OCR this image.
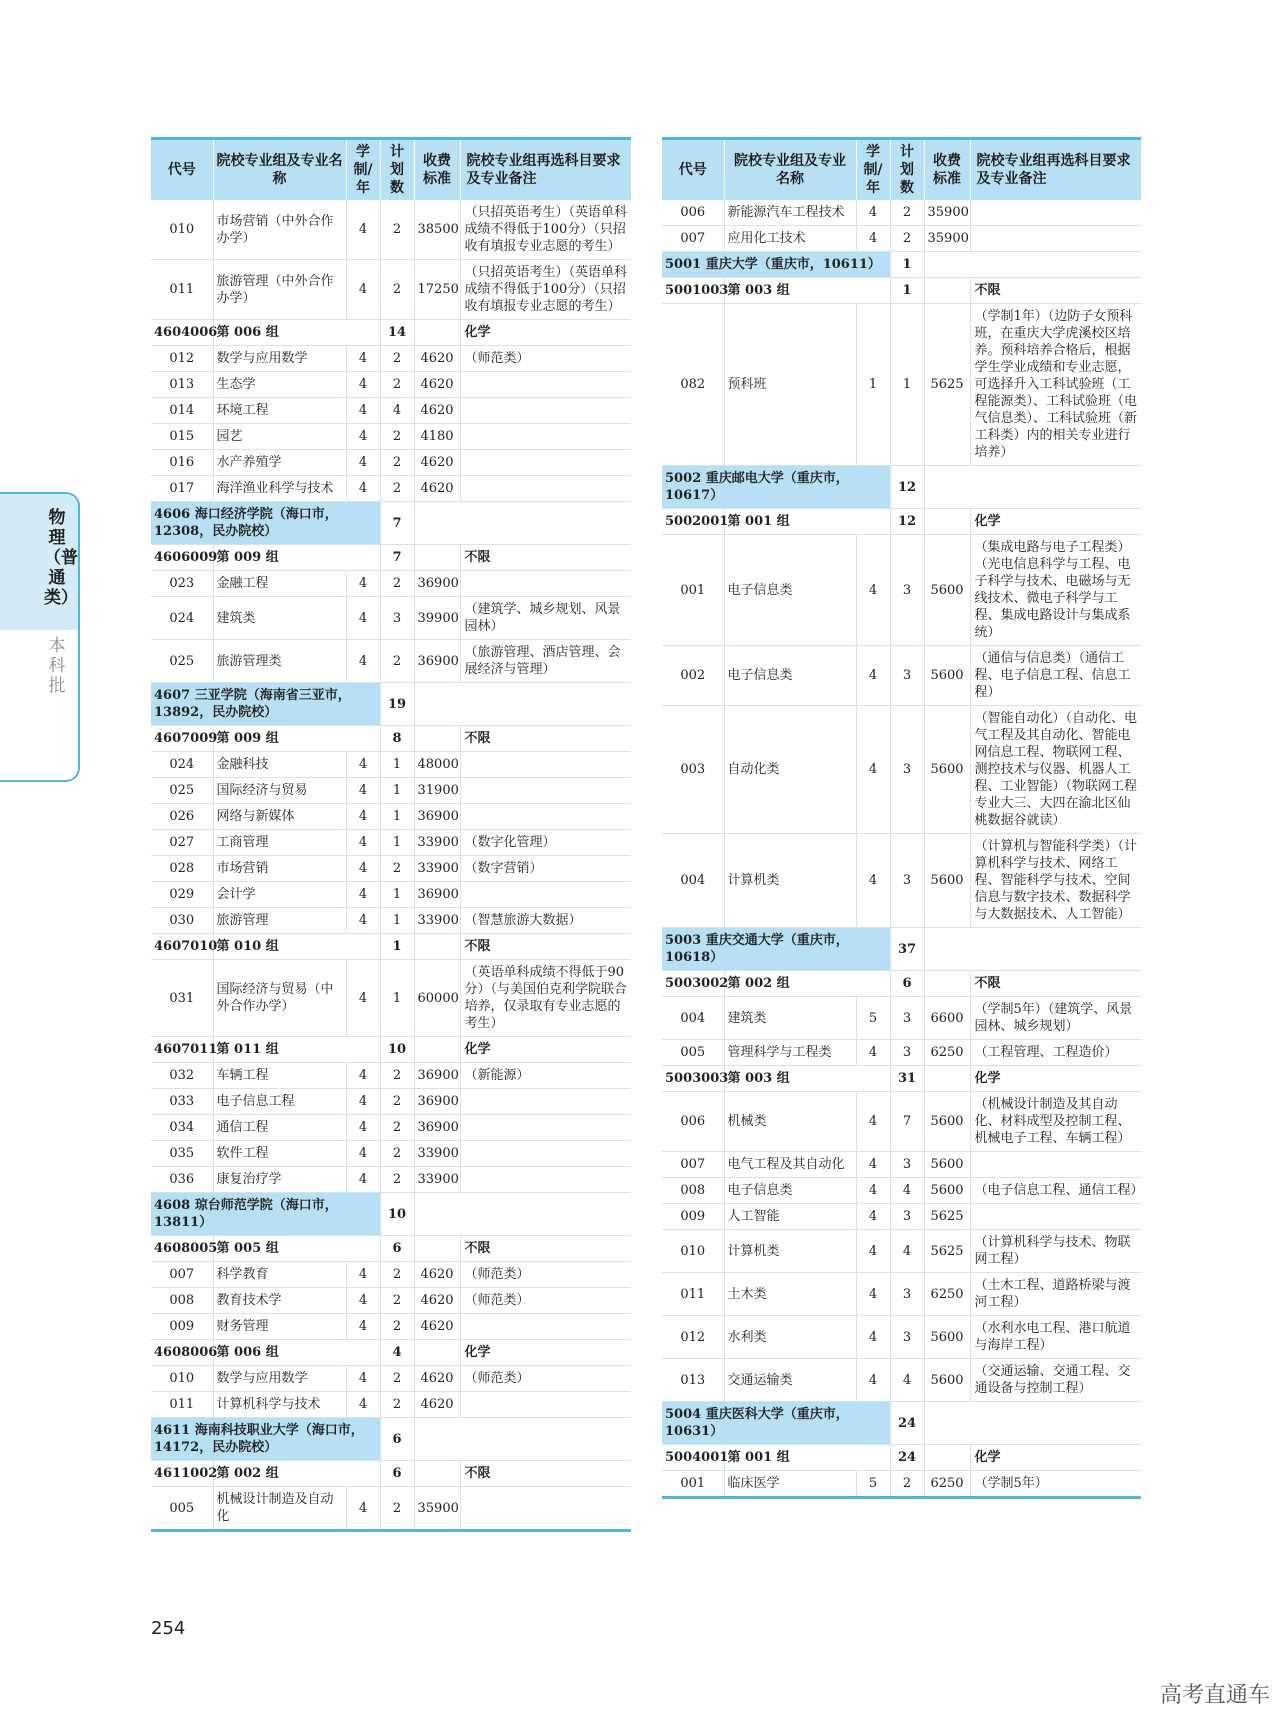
物理（普通类）
本科批
代号	院校专业组及专业名称	学制/年	计划数	收费标准	院校专业组再选科目要求及专业备注
010	市场营销（中外合作办学）	4	2	38500	（只招英语考生）（英语单科成绩不得低于100分）（只招收有填报专业志愿的考生）
011	旅游管理（中外合作办学）	4	2	17250	（只招英语考生）（英语单科成绩不得低于100分）（只招收有填报专业志愿的考生）
4604006	第 006 组		14		化学
012	数学与应用数学	4	2	4620	（师范类）
013	生态学	4	2	4620	
014	环境工程	4	4	4620	
015	园艺	4	2	4180	
016	水产养殖学	4	2	4620	
017	海洋渔业科学与技术	4	2	4620	
4606 海口经济学院（海口市，12308，民办院校）			7		
4606009	第 009 组		7		不限
023	金融工程	4	2	36900	
024	建筑类	4	3	39900	（建筑学、城乡规划、风景园林）
025	旅游管理类	4	2	36900	（旅游管理、酒店管理、会展经济与管理）
4607 三亚学院（海南省三亚市，13892，民办院校）			19		
4607009	第 009 组		8		不限
024	金融科技	4	1	48000	
025	国际经济与贸易	4	1	31900	
026	网络与新媒体	4	1	36900	
027	工商管理	4	1	33900	（数字化管理）
028	市场营销	4	2	33900	（数字营销）
029	会计学	4	1	36900	
030	旅游管理	4	1	33900	（智慧旅游大数据）
4607010	第 010 组		1		不限
031	国际经济与贸易（中外合作办学）	4	1	60000	（英语单科成绩不得低于90分）（与美国伯克利学院联合培养，仅录取有专业志愿的考生）
4607011	第 011 组		10		化学
032	车辆工程	4	2	36900	（新能源）
033	电子信息工程	4	2	36900	
034	通信工程	4	2	36900	
035	软件工程	4	2	33900	
036	康复治疗学	4	2	33900	
4608 琼台师范学院（海口市，13811）			10		
4608005	第 005 组		6		不限
007	科学教育	4	2	4620	（师范类）
008	教育技术学	4	2	4620	（师范类）
009	财务管理	4	2	4620	
4608006	第 006 组		4		化学
010	数学与应用数学	4	2	4620	（师范类）
011	计算机科学与技术	4	2	4620	
4611 海南科技职业大学（海口市，14172，民办院校）			6		
4611002	第 002 组		6		不限
005	机械设计制造及自动化	4	2	35900	
代号	院校专业组及专业名称	学制/年	计划数	收费标准	院校专业组再选科目要求及专业备注
006	新能源汽车工程技术	4	2	35900	
007	应用化工技术	4	2	35900	
5001 重庆大学（重庆市，10611）			1		
5001003	第 003 组		1		不限
082	预科班	1	1	5625	（学制1年）（边防子女预科班，在重庆大学虎溪校区培养。预科培养合格后，根据学生学业成绩和专业志愿，可选择升入工科试验班（工程能源类）、工科试验班（电气信息类）、工科试验班（新工科类）内的相关专业进行培养）
5002 重庆邮电大学（重庆市，10617）			12		
5002001	第 001 组		12		化学
001	电子信息类	4	3	5600	（集成电路与电子工程类）（光电信息科学与工程、电子科学与技术、电磁场与无线技术、微电子科学与工程、集成电路设计与集成系统）
002	电子信息类	4	3	5600	（通信与信息类）（通信工程、电子信息工程、信息工程）
003	自动化类	4	3	5600	（智能自动化）（自动化、电气工程及其自动化、智能电网信息工程、物联网工程、测控技术与仪器、机器人工程、工业智能）（物联网工程专业大三、大四在渝北区仙桃数据谷就读）
004	计算机类	4	3	5600	（计算机与智能科学类）（计算机科学与技术、网络工程、智能科学与技术、空间信息与数字技术、数据科学与大数据技术、人工智能）
5003 重庆交通大学（重庆市，10618）			37		
5003002	第 002 组		6		不限
004	建筑类	5	3	6600	（学制5年）（建筑学、风景园林、城乡规划）
005	管理科学与工程类	4	3	6250	（工程管理、工程造价）
5003003	第 003 组		31		化学
006	机械类	4	7	5600	（机械设计制造及其自动化、材料成型及控制工程、机械电子工程、车辆工程）
007	电气工程及其自动化	4	3	5600	
008	电子信息类	4	4	5600	（电子信息工程、通信工程）
009	人工智能	4	3	5625	
010	计算机类	4	4	5625	（计算机科学与技术、物联网工程）
011	土木类	4	3	6250	（土木工程、道路桥梁与渡河工程）
012	水利类	4	3	5600	（水利水电工程、港口航道与海岸工程）
013	交通运输类	4	4	5600	（交通运输、交通工程、交通设备与控制工程）
5004 重庆医科大学（重庆市，10631）			24		
5004001	第 001 组		24		化学
001	临床医学	5	2	6250	（学制5年）
254
高考直通车
